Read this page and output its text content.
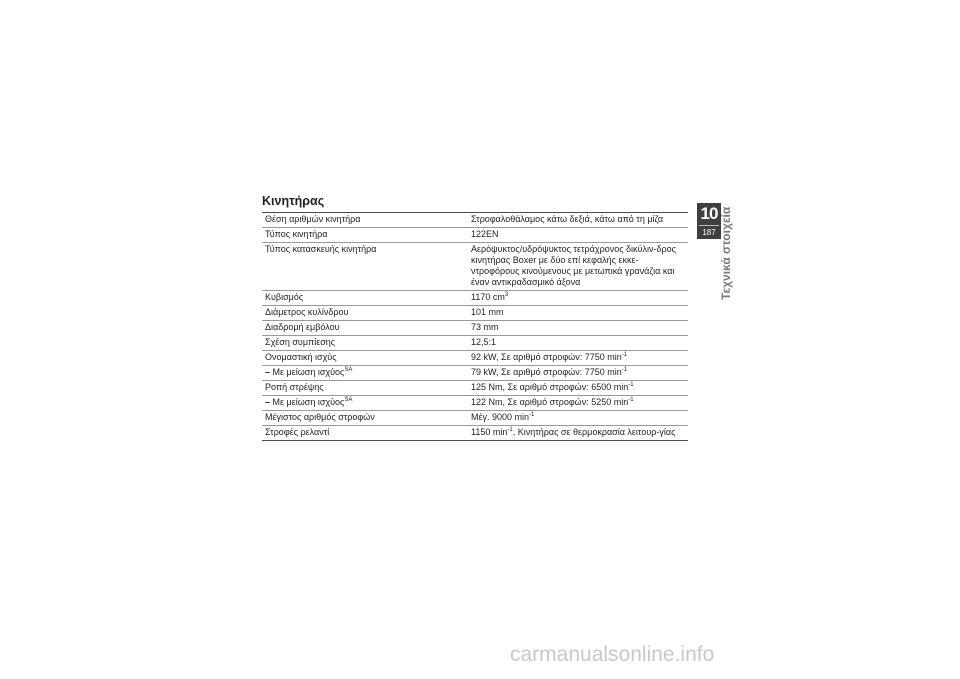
Κινητήρας
Θέση αριθμών κινητήρα	Στροφαλοθάλαμος κάτω δεξιά, κάτω από τη μίζα
Τύπος κινητήρα	122EN
Τύπος κατασκευής κινητήρα	Αερόψυκτος/υδρόψυκτος τετράχρονος δικύλιν-δρος κινητήρας Boxer με δύο επί κεφαλής εκκε-ντροφόρους κινούμενους με μετωπικά γρανάζια και έναν αντικραδασμικό άξονα
Κυβισμός	1170 $cm^3$
Διάμετρος κυλίνδρου	101 mm
Διαδρομή εμβόλου	73 mm
Σχέση συμπίεσης	12,5:1
Ονομαστική ισχύς	92 kW, Σε αριθμό στροφών: 7750 $\min^{-1}$
– Με μείωση ισχύος$^{SA}$	79 kW, Σε αριθμό στροφών: 7750 $\min^{-1}$
Ροπή στρέψης	125 Nm, Σε αριθμό στροφών: 6500 $\min^{-1}$
– Με μείωση ισχύος$^{SA}$	122 Nm, Σε αριθμό στροφών: 5250 $\min^{-1}$
Μέγιστος αριθμός στροφών	Μέγ. 9000 $\min^{-1}$
Στροφές ρελαντί	1150 $\min^{-1}$, Κινητήρας σε θερμοκρασία λειτουρ-γίας
10
187 Τεχνικά στοιχεία
carmanualsonline.info
